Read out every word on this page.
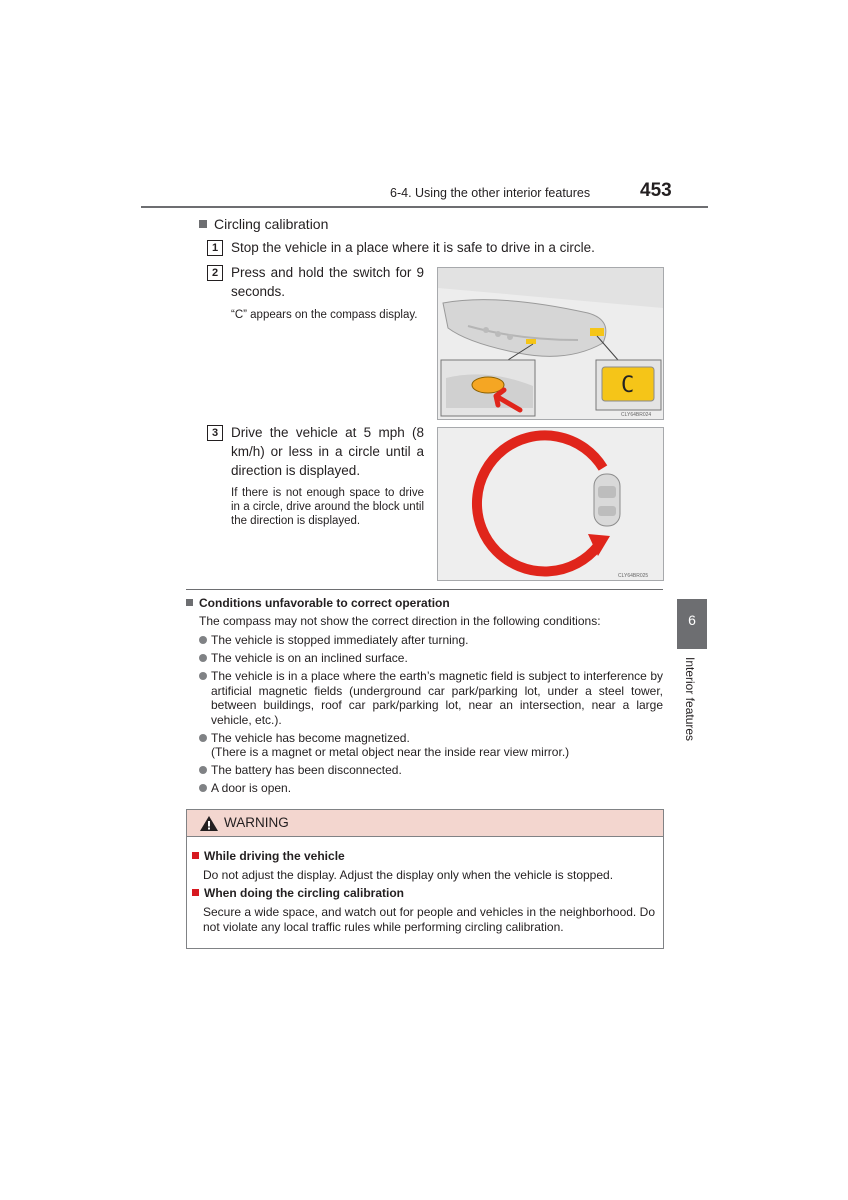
6-4. Using the other interior features	453
Circling calibration
1 Stop the vehicle in a place where it is safe to drive in a circle.
2 Press and hold the switch for 9 seconds.
“C” appears on the compass display.
C
CLY64BR024
3 Drive the vehicle at 5 mph (8 km/h) or less in a circle until a direction is displayed.
If there is not enough space to drive in a circle, drive around the block until the direction is displayed.
CLY64BR025
Conditions unfavorable to correct operation
The compass may not show the correct direction in the following conditions:
The vehicle is stopped immediately after turning.
The vehicle is on an inclined surface.
The vehicle is in a place where the earth’s magnetic field is subject to interference by artificial magnetic fields (underground car park/parking lot, under a steel tower, between buildings, roof car park/parking lot, near an intersection, near a large vehicle, etc.).
The vehicle has become magnetized.
(There is a magnet or metal object near the inside rear view mirror.)
The battery has been disconnected.
A door is open.
WARNING
While driving the vehicle
Do not adjust the display. Adjust the display only when the vehicle is stopped.
When doing the circling calibration
Secure a wide space, and watch out for people and vehicles in the neighborhood. Do not violate any local traffic rules while performing circling calibration.
6
Interior features
